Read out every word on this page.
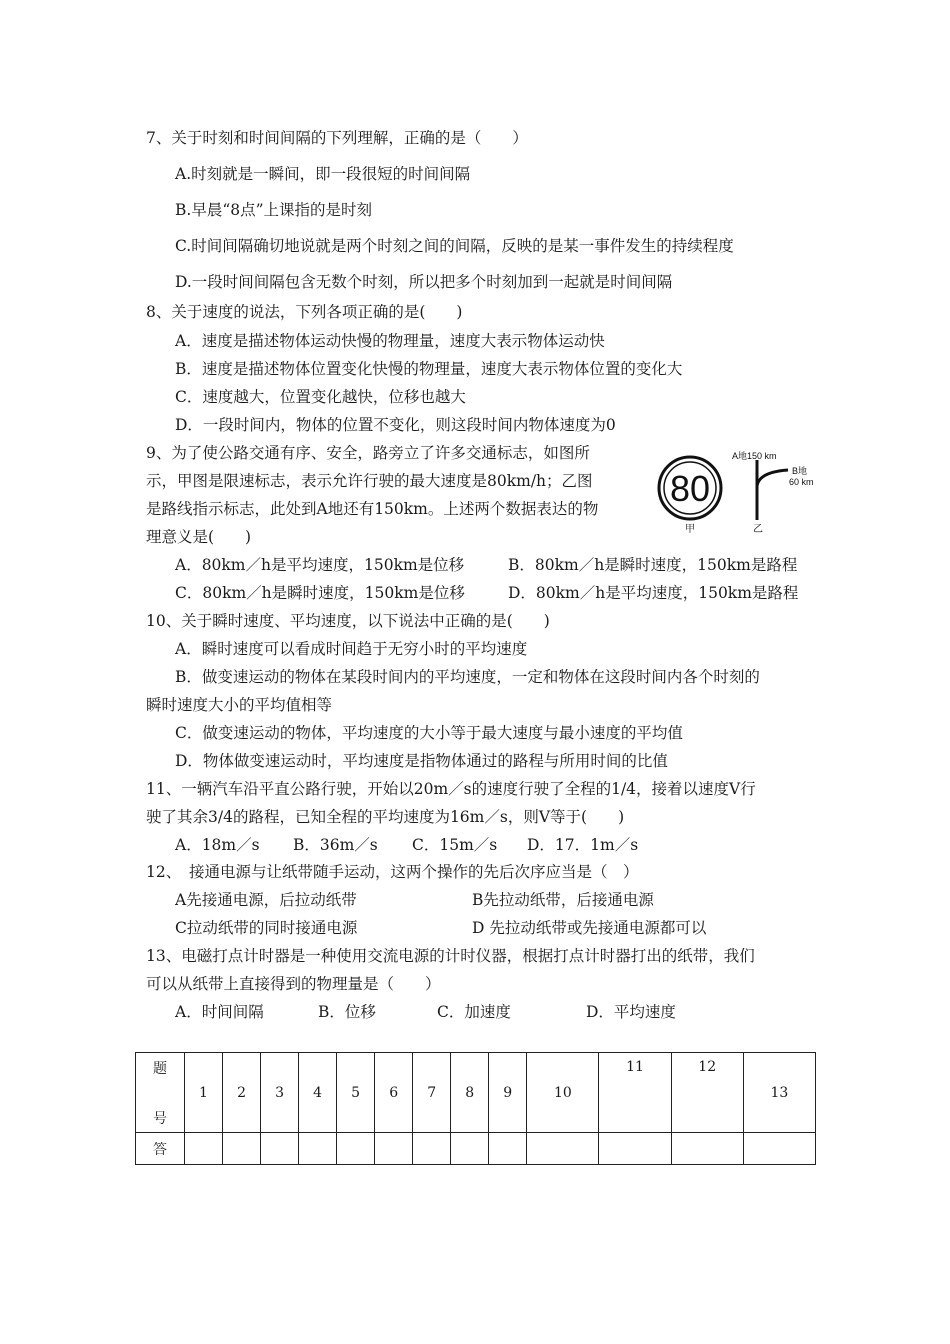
7、关于时刻和时间间隔的下列理解，正确的是（　　）
A.时刻就是一瞬间，即一段很短的时间间隔
B.早晨“8点”上课指的是时刻
C.时间间隔确切地说就是两个时刻之间的间隔，反映的是某一事件发生的持续程度
D.一段时间间隔包含无数个时刻，所以把多个时刻加到一起就是时间间隔
8、关于速度的说法，下列各项正确的是(　　)
A．速度是描述物体运动快慢的物理量，速度大表示物体运动快
B．速度是描述物体位置变化快慢的物理量，速度大表示物体位置的变化大
C．速度越大，位置变化越快，位移也越大
D．一段时间内，物体的位置不变化，则这段时间内物体速度为0
9、为了使公路交通有序、安全，路旁立了许多交通标志，如图所
示，甲图是限速标志，表示允许行驶的最大速度是80km/h；乙图
是路线指示标志，此处到A地还有150km。上述两个数据表达的物
理意义是(　　)
80
甲
A地150 km
B地
60 km
乙
A．80km／h是平均速度，150km是位移	B．80km／h是瞬时速度，150km是路程
C．80km／h是瞬时速度，150km是位移	D．80km／h是平均速度，150km是路程
10、关于瞬时速度、平均速度，以下说法中正确的是(　　)
A．瞬时速度可以看成时间趋于无穷小时的平均速度
B．做变速运动的物体在某段时间内的平均速度，一定和物体在这段时间内各个时刻的
瞬时速度大小的平均值相等
C．做变速运动的物体，平均速度的大小等于最大速度与最小速度的平均值
D．物体做变速运动时，平均速度是指物体通过的路程与所用时间的比值
11、一辆汽车沿平直公路行驶，开始以20m／s的速度行驶了全程的1/4，接着以速度V行
驶了其余3/4的路程，已知全程的平均速度为16m／s，则V等于(　　)
A．18m／s B．36m／s C．15m／s D．17．1m／s
12、　接通电源与让纸带随手运动，这两个操作的先后次序应当是（　）
A先接通电源，后拉动纸带	B先拉动纸带，后接通电源
C拉动纸带的同时接通电源	D 先拉动纸带或先接通电源都可以
13、电磁打点计时器是一种使用交流电源的计时仪器，根据打点计时器打出的纸带，我们
可以从纸带上直接得到的物理量是（　　）
A．时间间隔	B．位移	C．加速度	D．平均速度
题
号	1	2	3	4	5	6	7	8	9	10	11	12	13
答													
